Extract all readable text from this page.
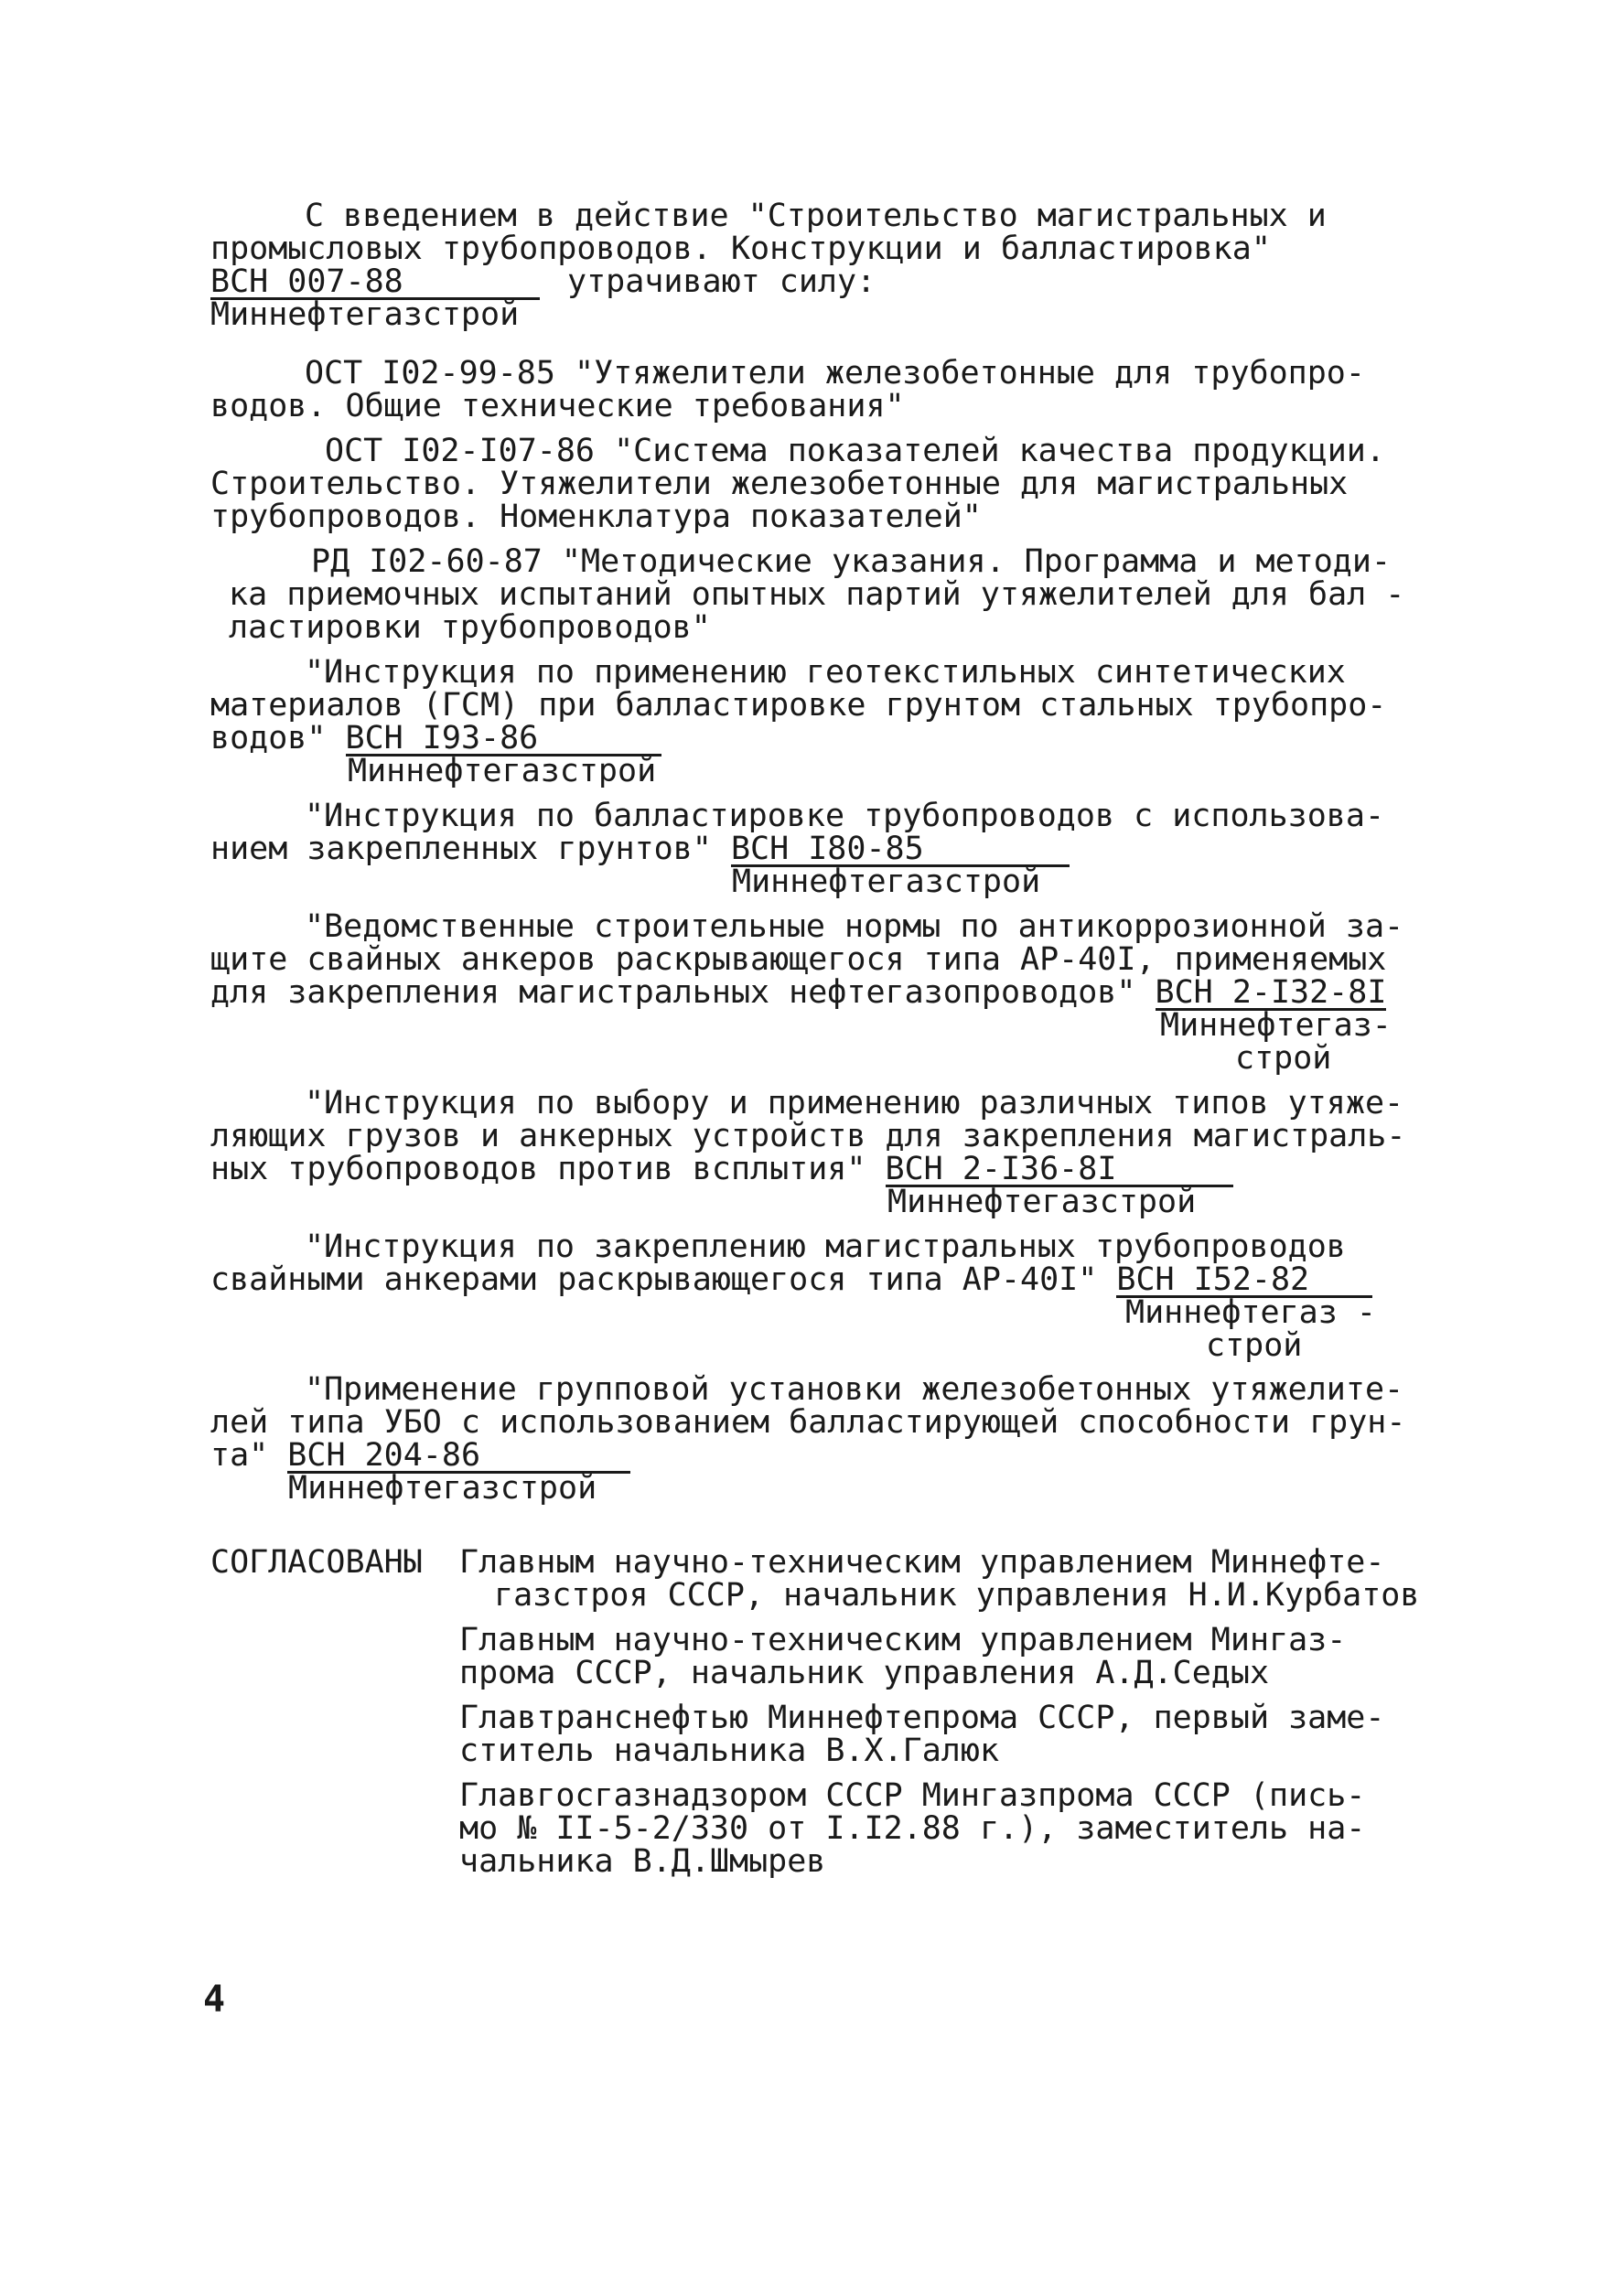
С введением в действие "Строительство магистральных и
промысловых трубопроводов. Конструкции и балластировка"
ВСН 007-88	утрачивают силу:
Миннефтегазстрой
ОСТ I02-99-85 "Утяжелители железобетонные для трубопро-
водов. Общие технические требования"
ОСТ I02-I07-86 "Система показателей качества продукции.
Строительство. Утяжелители железобетонные для магистральных
трубопроводов. Номенклатура показателей"
РД I02-60-87 "Методические указания. Программа и методи-
ка приемочных испытаний опытных партий утяжелителей для бал -
ластировки трубопроводов"
"Инструкция по применению геотекстильных синтетических
материалов (ГСМ) при балластировке грунтом стальных трубопро-
водов" ВСН I93-86
Миннефтегазстрой
"Инструкция по балластировке трубопроводов с использова-
нием закрепленных грунтов" ВСН I80-85
Миннефтегазстрой
"Ведомственные строительные нормы по антикоррозионной за-
щите свайных анкеров раскрывающегося типа АР-40I, применяемых
для закрепления магистральных нефтегазопроводов" ВСН 2-I32-8I
Миннефтегаз-
строй
"Инструкция по выбору и применению различных типов утяже-
ляющих грузов и анкерных устройств для закрепления магистраль-
ных трубопроводов против всплытия" ВСН 2-I36-8I
Миннефтегазстрой
"Инструкция по закреплению магистральных трубопроводов
свайными анкерами раскрывающегося типа АР-40I" ВСН I52-82
Миннефтегаз -
строй
"Применение групповой установки железобетонных утяжелите-
лей типа УБО с использованием балластирующей способности грун-
та" ВСН 204-86
Миннефтегазстрой
СОГЛАСОВАНЫ Главным научно-техническим управлением Миннефте-
газстроя СССР, начальник управления Н.И.Курбатов
Главным научно-техническим управлением Мингаз-
прома СССР, начальник управления А.Д.Седых
Главтранснефтью Миннефтепрома СССР, первый заме-
ститель начальника В.Х.Галюк
Главгосгазнадзором СССР Мингазпрома СССР (пись-
мо № II-5-2/330 от I.I2.88 г.), заместитель на-
чальника В.Д.Шмырев
4
